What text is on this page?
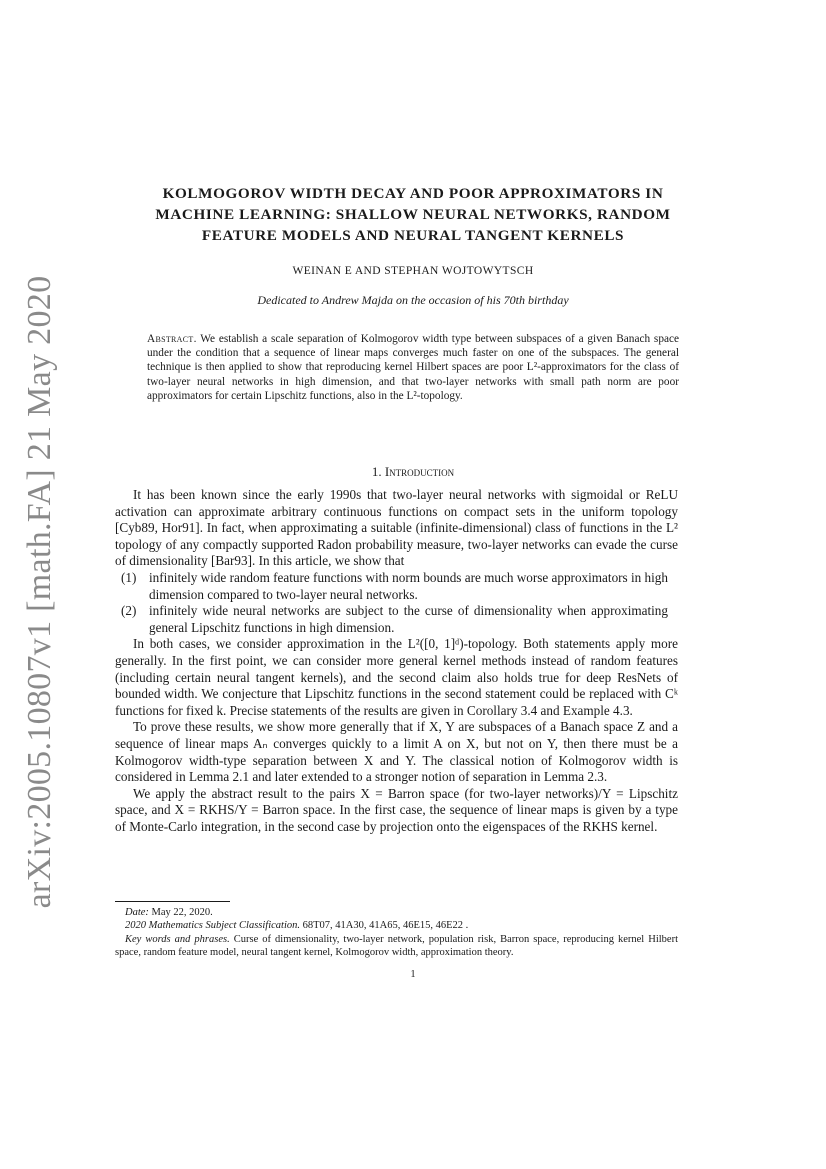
arXiv:2005.10807v1 [math.FA] 21 May 2020
KOLMOGOROV WIDTH DECAY AND POOR APPROXIMATORS IN
MACHINE LEARNING: SHALLOW NEURAL NETWORKS, RANDOM
FEATURE MODELS AND NEURAL TANGENT KERNELS
WEINAN E AND STEPHAN WOJTOWYTSCH
Dedicated to Andrew Majda on the occasion of his 70th birthday
Abstract. We establish a scale separation of Kolmogorov width type between subspaces of a given Banach space under the condition that a sequence of linear maps converges much faster on one of the subspaces. The general technique is then applied to show that reproducing kernel Hilbert spaces are poor L²-approximators for the class of two-layer neural networks in high dimension, and that two-layer networks with small path norm are poor approximators for certain Lipschitz functions, also in the L²-topology.
1. Introduction

It has been known since the early 1990s that two-layer neural networks with sigmoidal or ReLU activation can approximate arbitrary continuous functions on compact sets in the uniform topology [Cyb89, Hor91]. In fact, when approximating a suitable (infinite-dimensional) class of functions in the L² topology of any compactly supported Radon probability measure, two-layer networks can evade the curse of dimensionality [Bar93]. In this article, we show that

(1) infinitely wide random feature functions with norm bounds are much worse approximators in high dimension compared to two-layer neural networks.
(2) infinitely wide neural networks are subject to the curse of dimensionality when approximating general Lipschitz functions in high dimension.

In both cases, we consider approximation in the L²([0, 1]ᵈ)-topology. Both statements apply more generally. In the first point, we can consider more general kernel methods instead of random features (including certain neural tangent kernels), and the second claim also holds true for deep ResNets of bounded width. We conjecture that Lipschitz functions in the second statement could be replaced with Cᵏ functions for fixed k. Precise statements of the results are given in Corollary 3.4 and Example 4.3.

To prove these results, we show more generally that if X, Y are subspaces of a Banach space Z and a sequence of linear maps Aₙ converges quickly to a limit A on X, but not on Y, then there must be a Kolmogorov width-type separation between X and Y. The classical notion of Kolmogorov width is considered in Lemma 2.1 and later extended to a stronger notion of separation in Lemma 2.3.

We apply the abstract result to the pairs X = Barron space (for two-layer networks)/Y = Lipschitz space, and X = RKHS/Y = Barron space. In the first case, the sequence of linear maps is given by a type of Monte-Carlo integration, in the second case by projection onto the eigenspaces of the RKHS kernel.

Date: May 22, 2020.

2020 Mathematics Subject Classification. 68T07, 41A30, 41A65, 46E15, 46E22 .

Key words and phrases. Curse of dimensionality, two-layer network, population risk, Barron space, reproducing kernel Hilbert space, random feature model, neural tangent kernel, Kolmogorov width, approximation theory.

1
